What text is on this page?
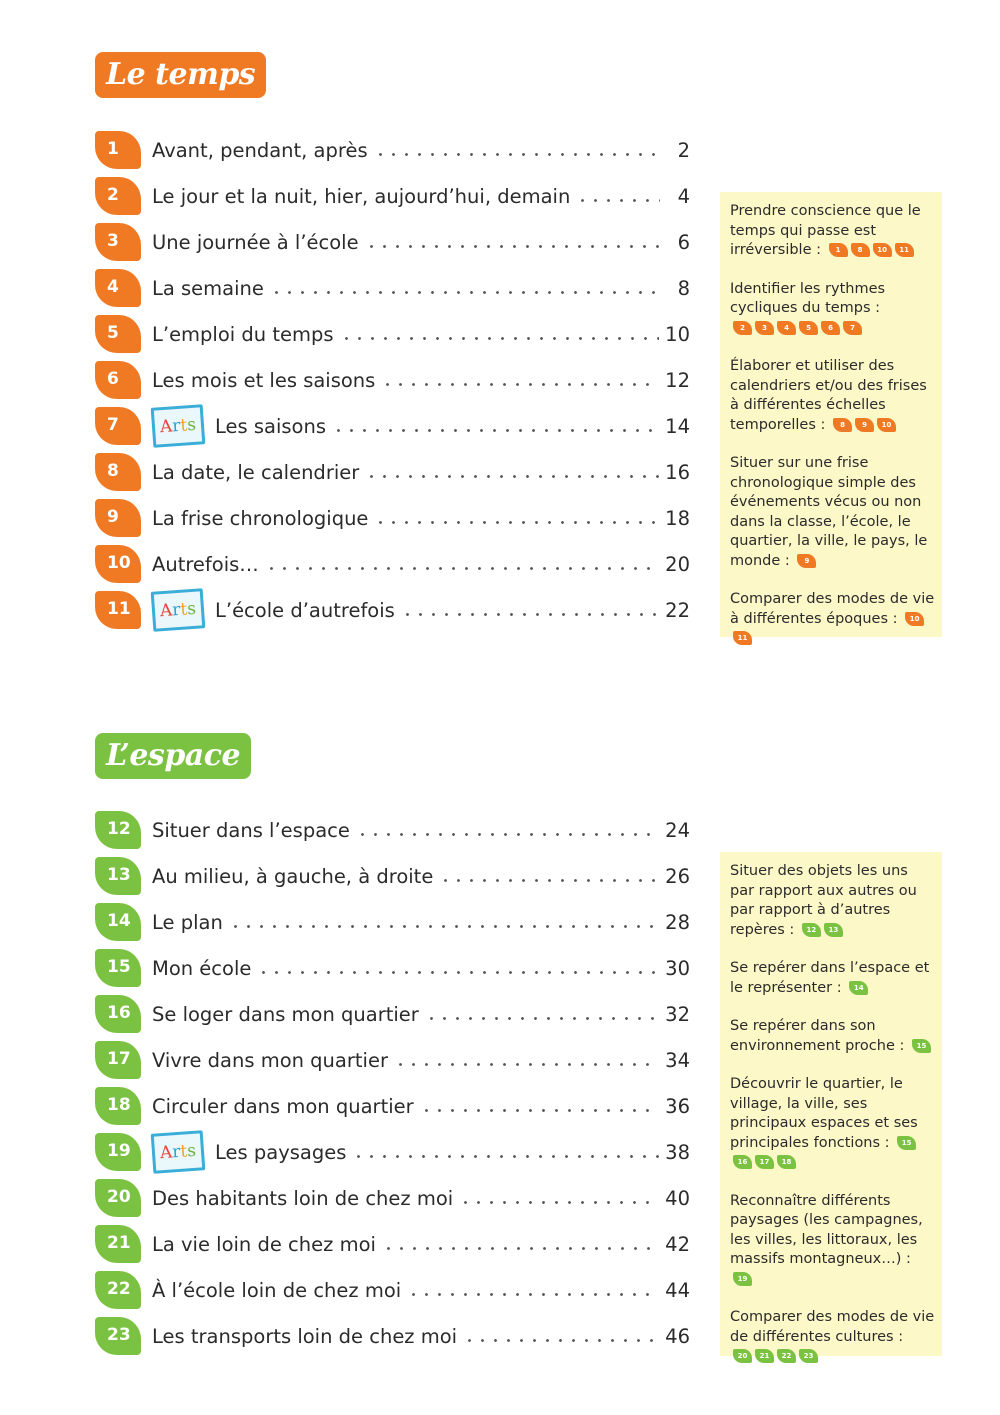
Le temps
1	Avant, pendant, après	2
2	Le jour et la nuit, hier, aujourd’hui, demain	4
3	Une journée à l’école	6
4	La semaine	8
5	L’emploi du temps	10
6	Les mois et les saisons	12
7	Arts Les saisons	14
8	La date, le calendrier	16
9	La frise chronologique	18
10	Autrefois…	20
11	Arts L’école d’autrefois	22

Prendre conscience que le temps qui passe est irréversible : 1 8 10 11

Identifier les rythmes cycliques du temps :
2 3 4 5 6 7

Élaborer et utiliser des calendriers et/ou des frises à différentes échelles temporelles : 8 9 10

Situer sur une frise chronologique simple des événements vécus ou non dans la classe, l’école, le quartier, la ville, le pays, le monde : 9

Comparer des modes de vie à différentes époques : 1011

L’espace
12	Situer dans l’espace	24
13	Au milieu, à gauche, à droite	26
14	Le plan	28
15	Mon école	30
16	Se loger dans mon quartier	32
17	Vivre dans mon quartier	34
18	Circuler dans mon quartier	36
19	Arts Les paysages	38
20	Des habitants loin de chez moi	40
21	La vie loin de chez moi	42
22	À l’école loin de chez moi	44
23	Les transports loin de chez moi	46

Situer des objets les uns par rapport aux autres ou par rapport à d’autres repères : 12 13

Se repérer dans l’espace et le représenter : 14

Se repérer dans son environnement proche : 15

Découvrir le quartier, le village, la ville, ses principaux espaces et ses principales fonctions : 1516 17 18

Reconnaître différents paysages (les campagnes, les villes, les littoraux, les massifs montagneux…) : 19

Comparer des modes de vie de différentes cultures :
20 21 22 23
